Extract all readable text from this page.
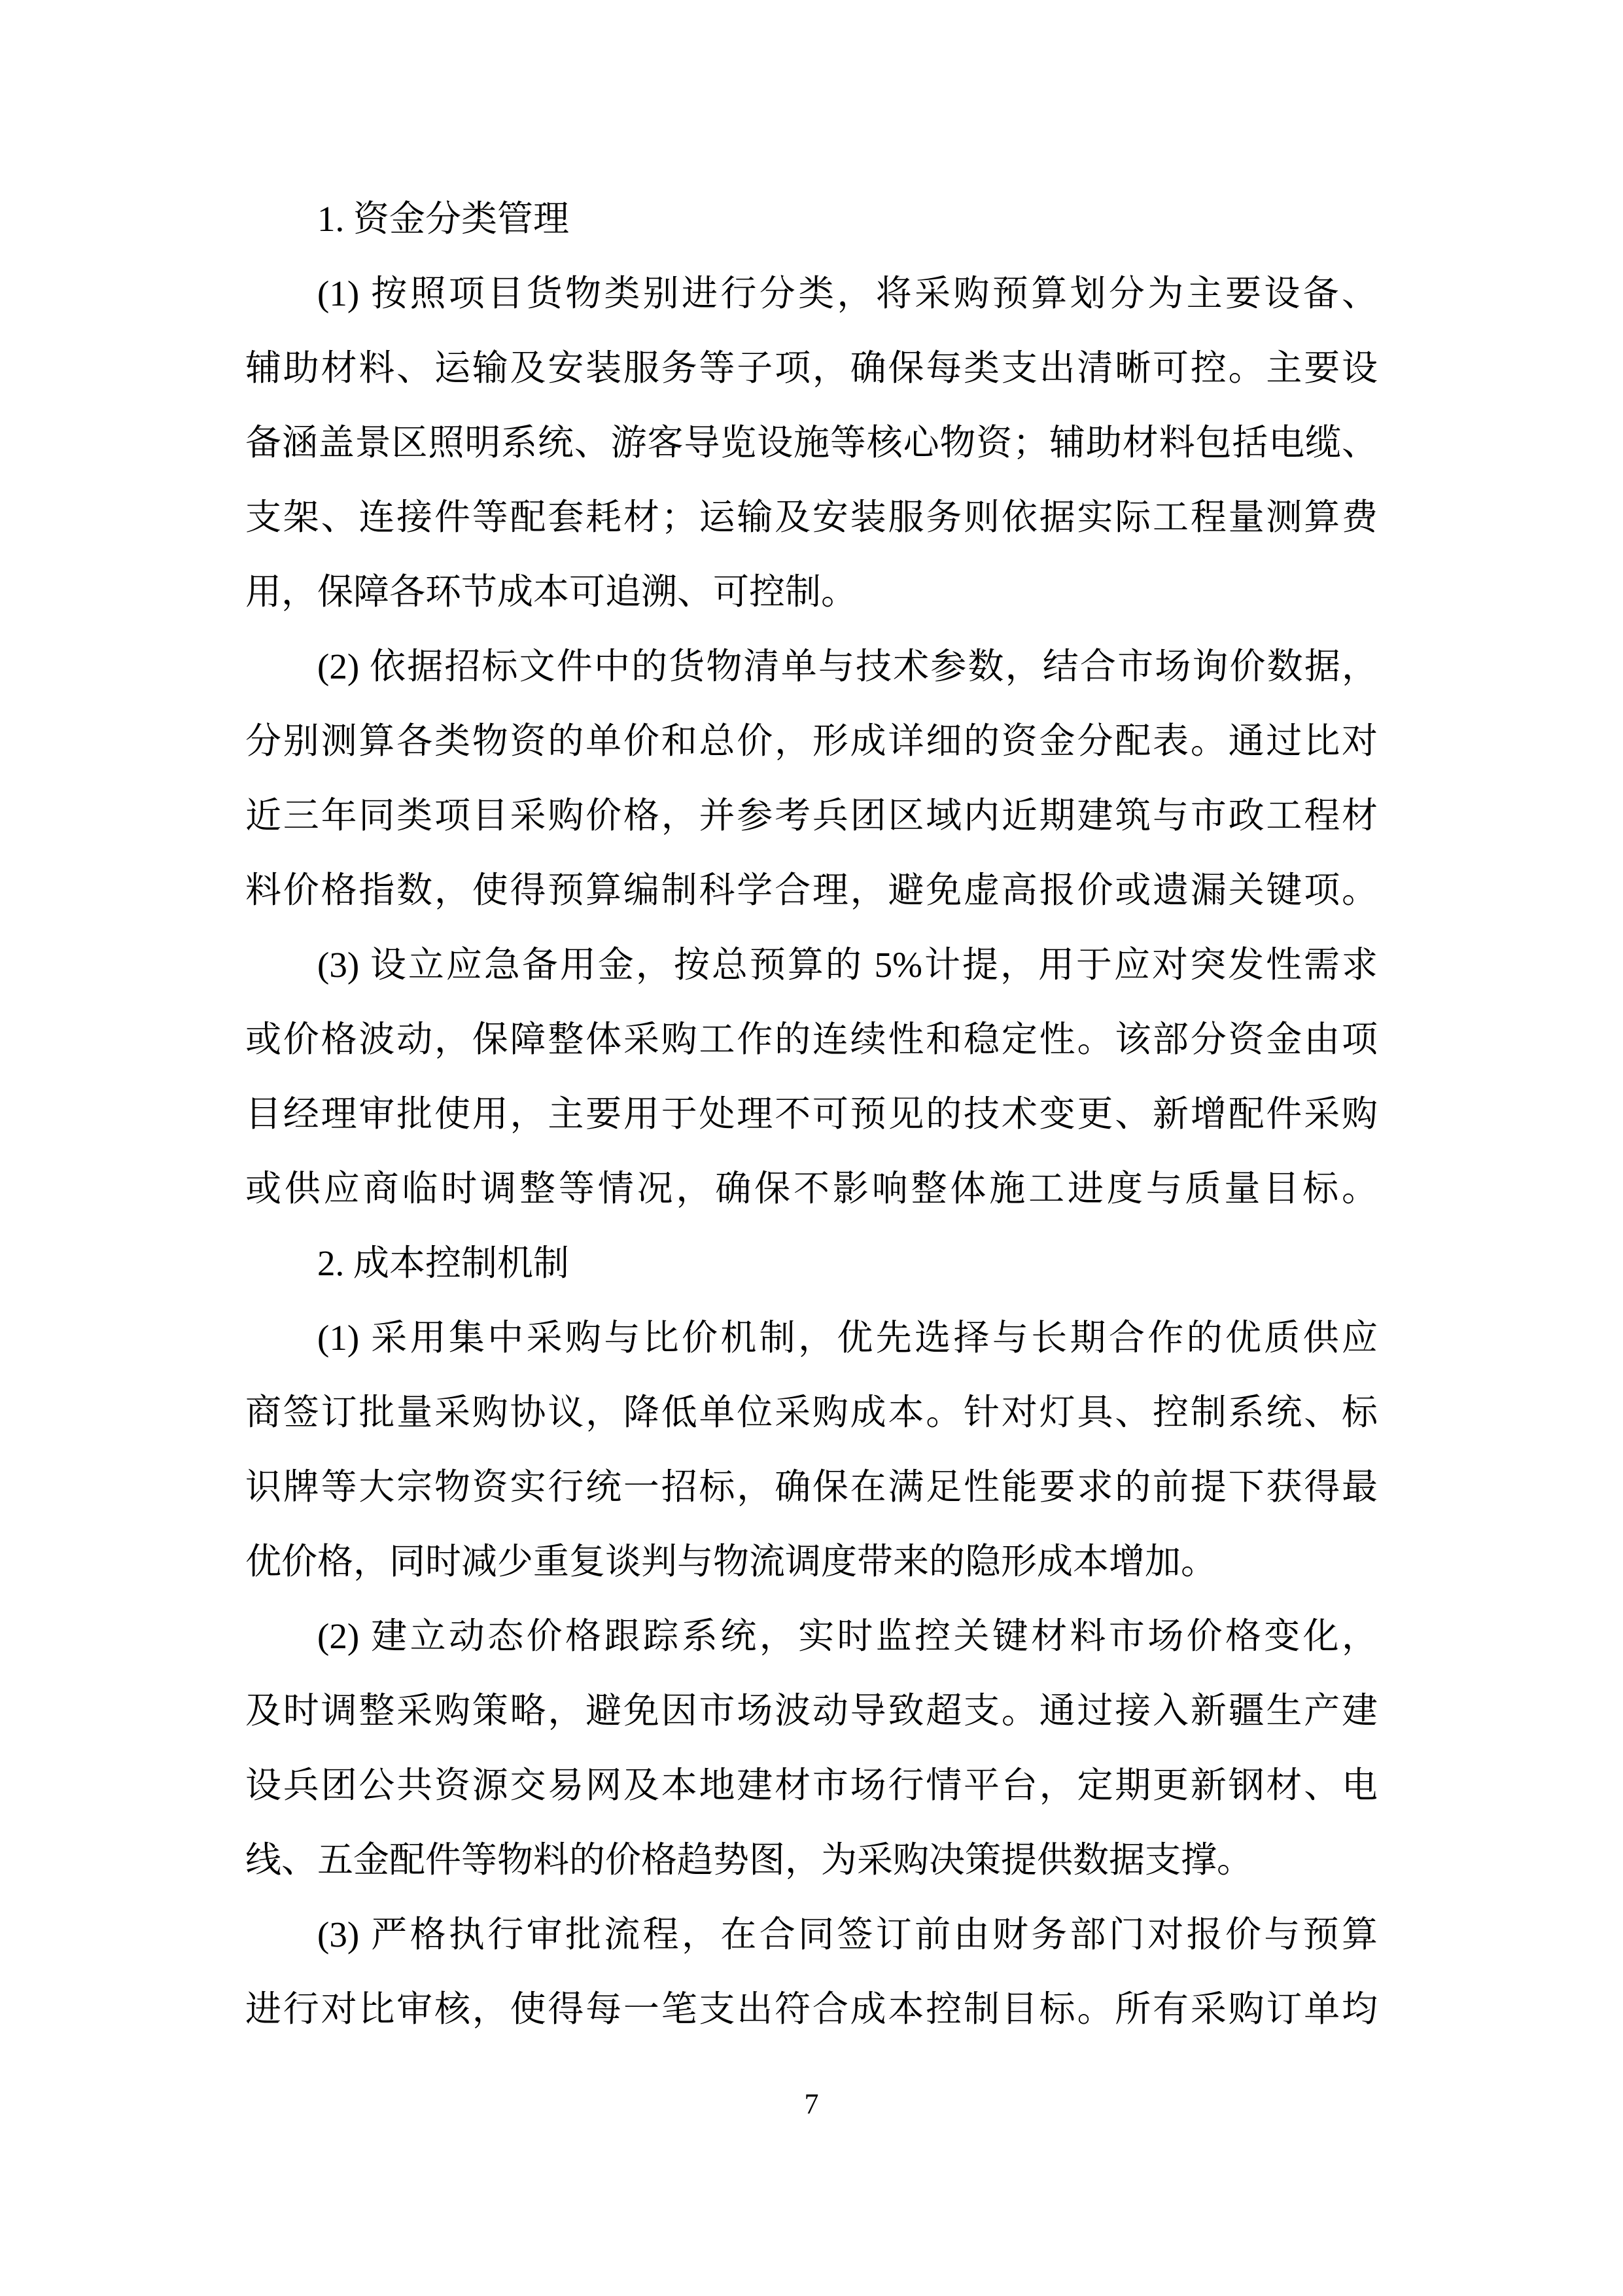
1. 资金分类管理
(1) 按照项目货物类别进行分类，将采购预算划分为主要设备、
辅助材料、运输及安装服务等子项，确保每类支出清晰可控。主要设
备涵盖景区照明系统、游客导览设施等核心物资；辅助材料包括电缆、
支架、连接件等配套耗材；运输及安装服务则依据实际工程量测算费
用，保障各环节成本可追溯、可控制。
(2) 依据招标文件中的货物清单与技术参数，结合市场询价数据，
分别测算各类物资的单价和总价，形成详细的资金分配表。通过比对
近三年同类项目采购价格，并参考兵团区域内近期建筑与市政工程材
料价格指数，使得预算编制科学合理，避免虚高报价或遗漏关键项。
(3) 设立应急备用金，按总预算的 5%计提，用于应对突发性需求
或价格波动，保障整体采购工作的连续性和稳定性。该部分资金由项
目经理审批使用，主要用于处理不可预见的技术变更、新增配件采购
或供应商临时调整等情况，确保不影响整体施工进度与质量目标。
2. 成本控制机制
(1) 采用集中采购与比价机制，优先选择与长期合作的优质供应
商签订批量采购协议，降低单位采购成本。针对灯具、控制系统、标
识牌等大宗物资实行统一招标，确保在满足性能要求的前提下获得最
优价格，同时减少重复谈判与物流调度带来的隐形成本增加。
(2) 建立动态价格跟踪系统，实时监控关键材料市场价格变化，
及时调整采购策略，避免因市场波动导致超支。通过接入新疆生产建
设兵团公共资源交易网及本地建材市场行情平台，定期更新钢材、电
线、五金配件等物料的价格趋势图，为采购决策提供数据支撑。
(3) 严格执行审批流程，在合同签订前由财务部门对报价与预算
进行对比审核，使得每一笔支出符合成本控制目标。所有采购订单均
7
